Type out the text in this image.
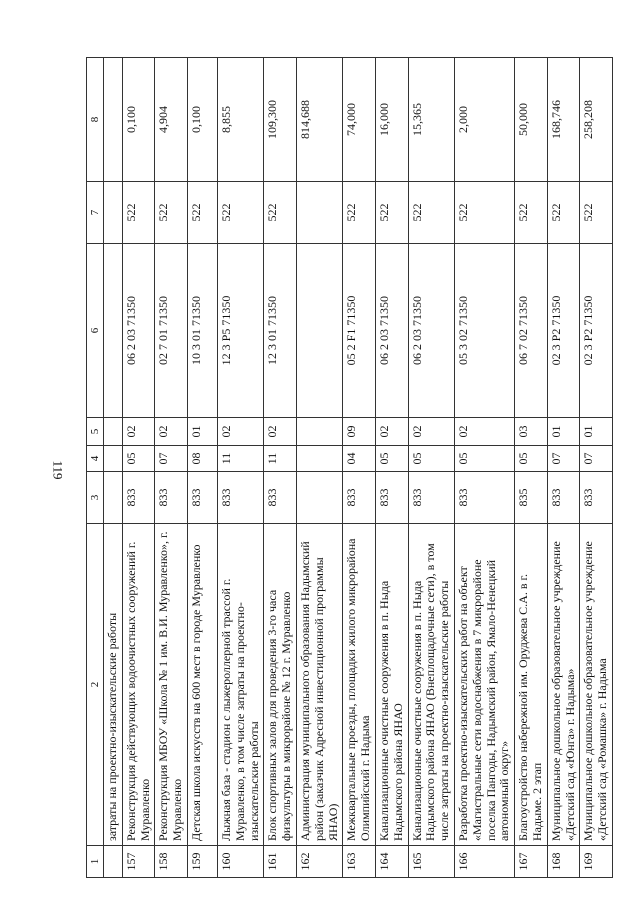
119
1	2	3	4	5	6	7	8
	затраты на проектно-изыскательские работы						
157	Реконструкция действующих водоочистных сооружений г. Муравленко	833	05	02	06 2 03 71350	522	0,100
158	Реконструкция МБОУ «Школа № 1 им. В.И. Муравленко», г. Муравленко	833	07	02	02 7 01 71350	522	4,904
159	Детская школа искусств на 600 мест в городе Муравленко	833	08	01	10 3 01 71350	522	0,100
160	Лыжная база - стадион с лыжероллерной трассой г. Муравленко, в том числе затраты на проектно-изыскательские работы	833	11	02	12 3 P5 71350	522	8,855
161	Блок спортивных залов для проведения 3-го часа физкультуры в микрорайоне № 12 г. Муравленко	833	11	02	12 3 01 71350	522	109,300
162	Администрация муниципального образования Надымский район (заказчик Адресной инвестиционной программы ЯНАО)						814,688
163	Межквартальные проезды, площадки жилого микрорайона Олимпийский г. Надыма	833	04	09	05 2 F1 71350	522	74,000
164	Канализационные очистные сооружения в п. Ныда Надымского района ЯНАО	833	05	02	06 2 03 71350	522	16,000
165	Канализационные очистные сооружения в п. Ныда Надымского района ЯНАО (Внеплощадочные сети), в том числе затраты на проектно-изыскательские работы	833	05	02	06 2 03 71350	522	15,365
166	Разработка проектно-изыскательских работ на объект «Магистральные сети водоснабжения в 7 микрорайоне поселка Пангоды, Надымский район, Ямало-Ненецкий автономный округ»	833	05	02	05 3 02 71350	522	2,000
167	Благоустройство набережной им. Оруджева С.А. в г. Надыме. 2 этап	835	05	03	06 7 02 71350	522	50,000
168	Муниципальное дошкольное образовательное учреждение «Детский сад «Юнга» г. Надыма»	833	07	01	02 3 P2 71350	522	168,746
169	Муниципальное дошкольное образовательное учреждение «Детский сад «Ромашка» г. Надыма	833	07	01	02 3 P2 71350	522	258,208
